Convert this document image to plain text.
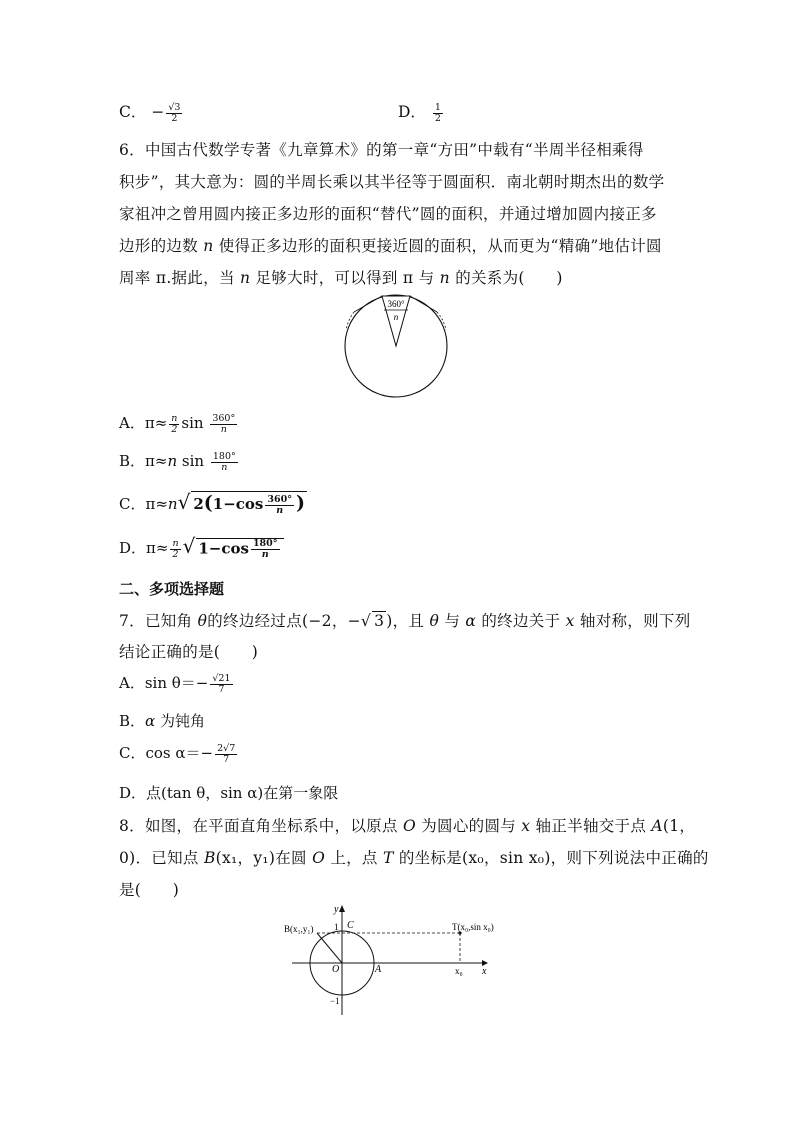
C． − $\frac{√3}{2}$	D． $\frac{1}{2}$
6．中国古代数学专著《九章算术》的第一章“方田”中载有“半周半径相乘得
积步”，其大意为：圆的半周长乘以其半径等于圆面积．南北朝时期杰出的数学
家祖冲之曾用圆内接正多边形的面积“替代”圆的面积，并通过增加圆内接正多
边形的边数 n 使得正多边形的面积更接近圆的面积，从而更为“精确”地估计圆
周率 π.据此，当 n 足够大时，可以得到 π 与 n 的关系为(　　)
360°
n
A．$\pi\approx \frac{n}{2}$ $\sin \frac{360^\circ}{n}$
B．π≈n $\sin \frac{180^\circ}{n}$
C．π≈n√ $2(1-\cos \frac{360^\circ}{n}$ )
D．$\pi\approx \frac{n}{2}$ √ $1-\cos \frac{180^\circ}{n}$
二、多项选择题
7．已知角 θ的终边经过点(−2，−√ 3 )，且 θ 与 α 的终边关于 x 轴对称，则下列
结论正确的是(　　)
A．$\sin \theta=- \frac{√21}{7}$
B．α 为钝角
C．$\cos \alpha=- \frac{2√7}{7}$
D．点(tan θ，sin α)在第一象限
8．如图，在平面直角坐标系中，以原点 O 为圆心的圆与 x 轴正半轴交于点 A(1，
0)．已知点 B(x₁，y₁)在圆 O 上，点 T 的坐标是(x₀，sin x₀)，则下列说法中正确的
是(　　)
B(x₁,y₁)	T(x₀,sin x₀)
C
O	A
y
x
1
−1
x₀
